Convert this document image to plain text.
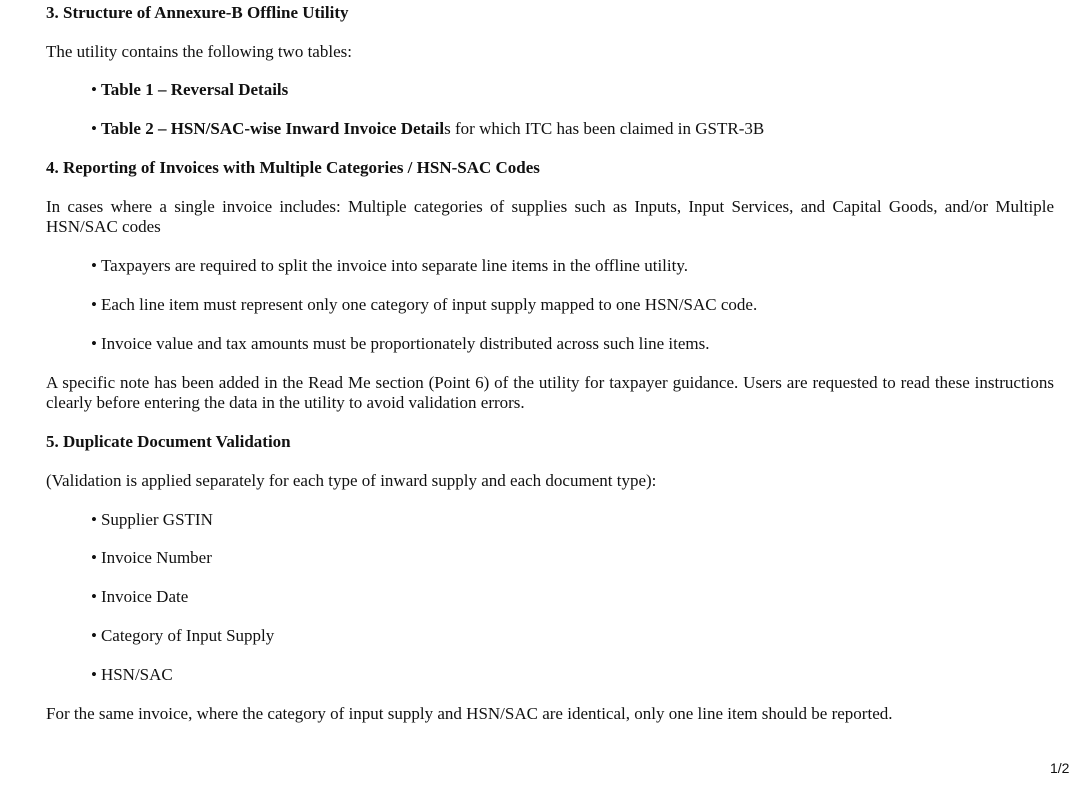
3. Structure of Annexure-B Offline Utility
The utility contains the following two tables:
• Table 1 – Reversal Details
• Table 2 – HSN/SAC-wise Inward Invoice Details for which ITC has been claimed in GSTR-3B
4. Reporting of Invoices with Multiple Categories / HSN-SAC Codes
In cases where a single invoice includes: Multiple categories of supplies such as Inputs, Input Services, and Capital Goods, and/or Multiple HSN/SAC codes
• Taxpayers are required to split the invoice into separate line items in the offline utility.
• Each line item must represent only one category of input supply mapped to one HSN/SAC code.
• Invoice value and tax amounts must be proportionately distributed across such line items.
A specific note has been added in the Read Me section (Point 6) of the utility for taxpayer guidance. Users are requested to read these instructions clearly before entering the data in the utility to avoid validation errors.
5. Duplicate Document Validation
(Validation is applied separately for each type of inward supply and each document type):
• Supplier GSTIN
• Invoice Number
• Invoice Date
• Category of Input Supply
• HSN/SAC
For the same invoice, where the category of input supply and HSN/SAC are identical, only one line item should be reported.
1/2
